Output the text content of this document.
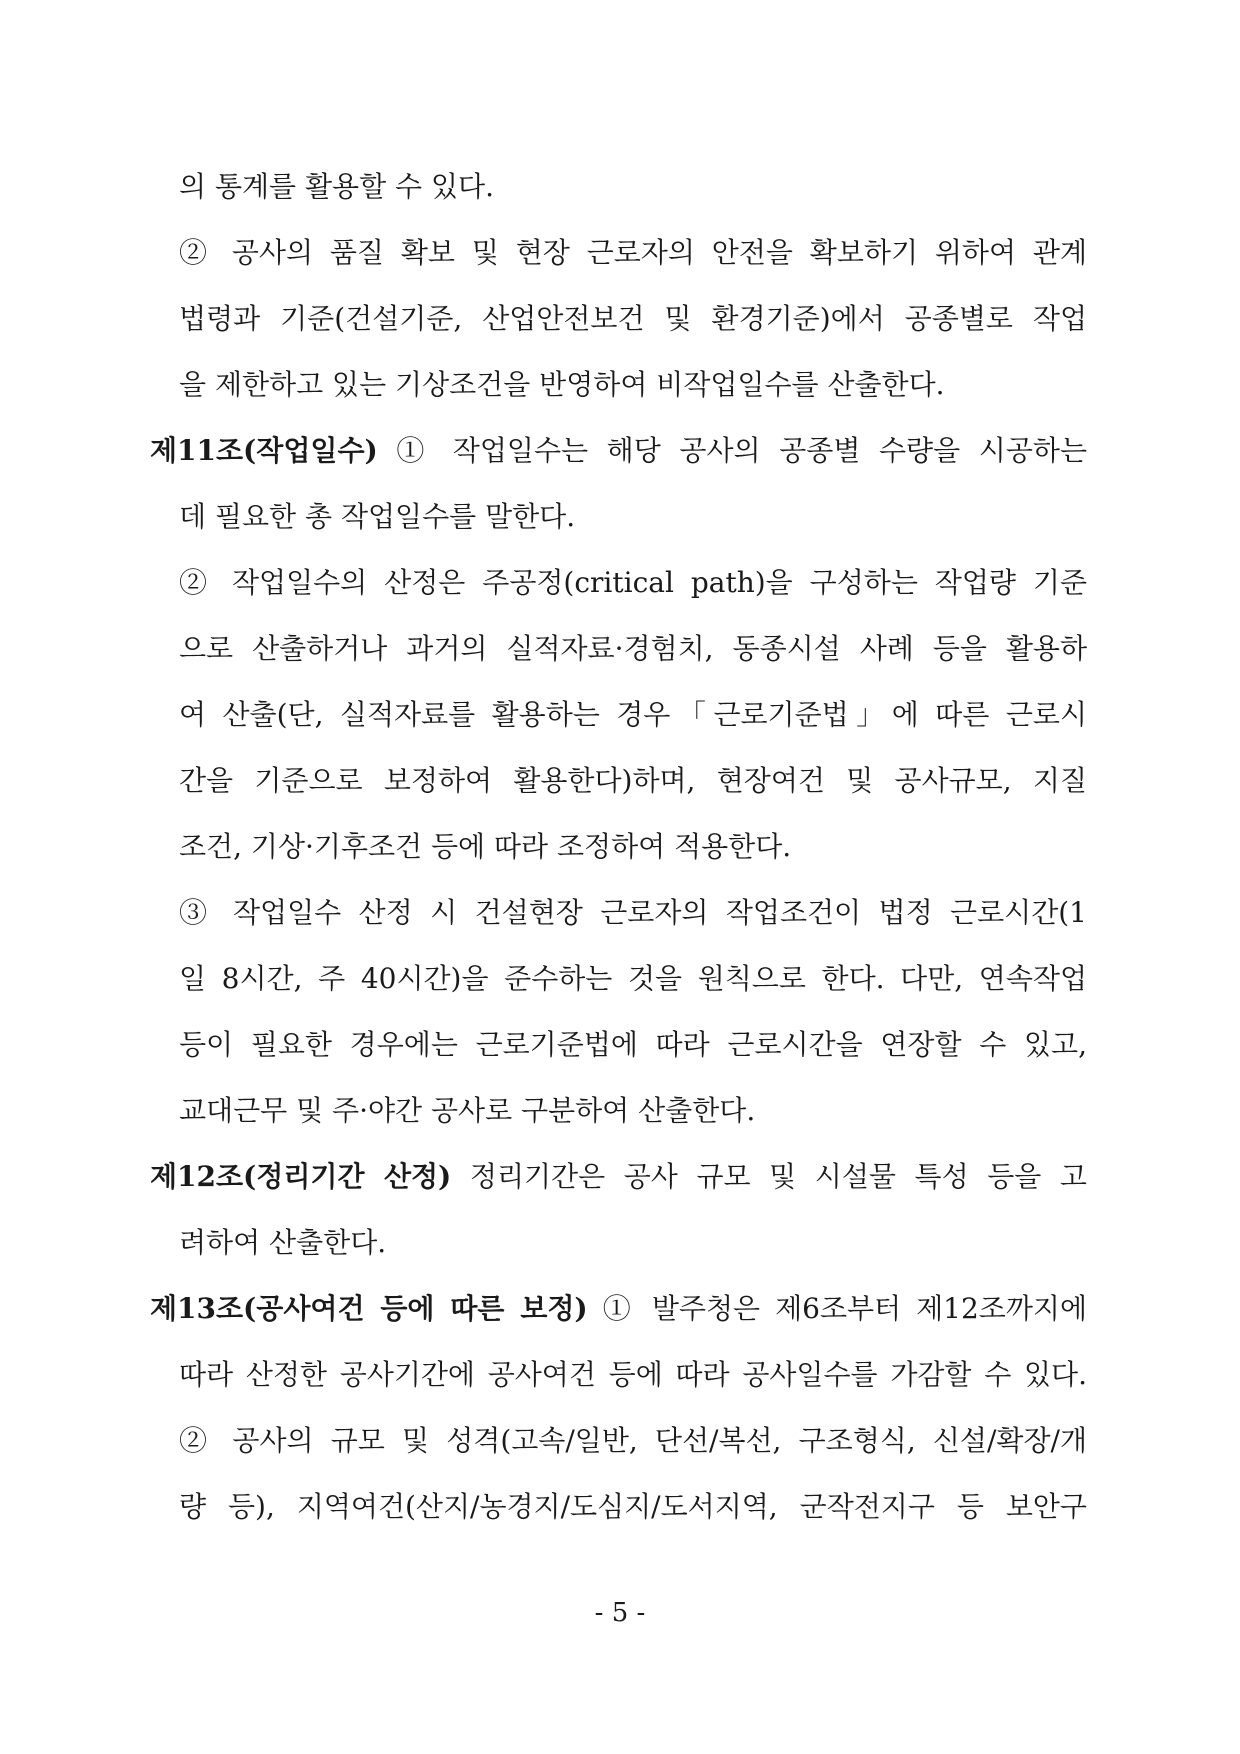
의 통계를 활용할 수 있다.
② 공사의 품질 확보 및 현장 근로자의 안전을 확보하기 위하여 관계
법령과 기준(건설기준, 산업안전보건 및 환경기준)에서 공종별로 작업
을 제한하고 있는 기상조건을 반영하여 비작업일수를 산출한다.
제11조(작업일수) ① 작업일수는 해당 공사의 공종별 수량을 시공하는
데 필요한 총 작업일수를 말한다.
② 작업일수의 산정은 주공정(critical path)을 구성하는 작업량 기준
으로 산출하거나 과거의 실적자료·경험치, 동종시설 사례 등을 활용하
여 산출(단, 실적자료를 활용하는 경우「근로기준법」에 따른 근로시
간을 기준으로 보정하여 활용한다)하며, 현장여건 및 공사규모, 지질
조건, 기상·기후조건 등에 따라 조정하여 적용한다.
③ 작업일수 산정 시 건설현장 근로자의 작업조건이 법정 근로시간(1
일 8시간, 주 40시간)을 준수하는 것을 원칙으로 한다. 다만, 연속작업
등이 필요한 경우에는 근로기준법에 따라 근로시간을 연장할 수 있고,
교대근무 및 주·야간 공사로 구분하여 산출한다.
제12조(정리기간 산정) 정리기간은 공사 규모 및 시설물 특성 등을 고
려하여 산출한다.
제13조(공사여건 등에 따른 보정) ① 발주청은 제6조부터 제12조까지에
따라 산정한 공사기간에 공사여건 등에 따라 공사일수를 가감할 수 있다.
② 공사의 규모 및 성격(고속/일반, 단선/복선, 구조형식, 신설/확장/개
량 등), 지역여건(산지/농경지/도심지/도서지역, 군작전지구 등 보안구
- 5 -
